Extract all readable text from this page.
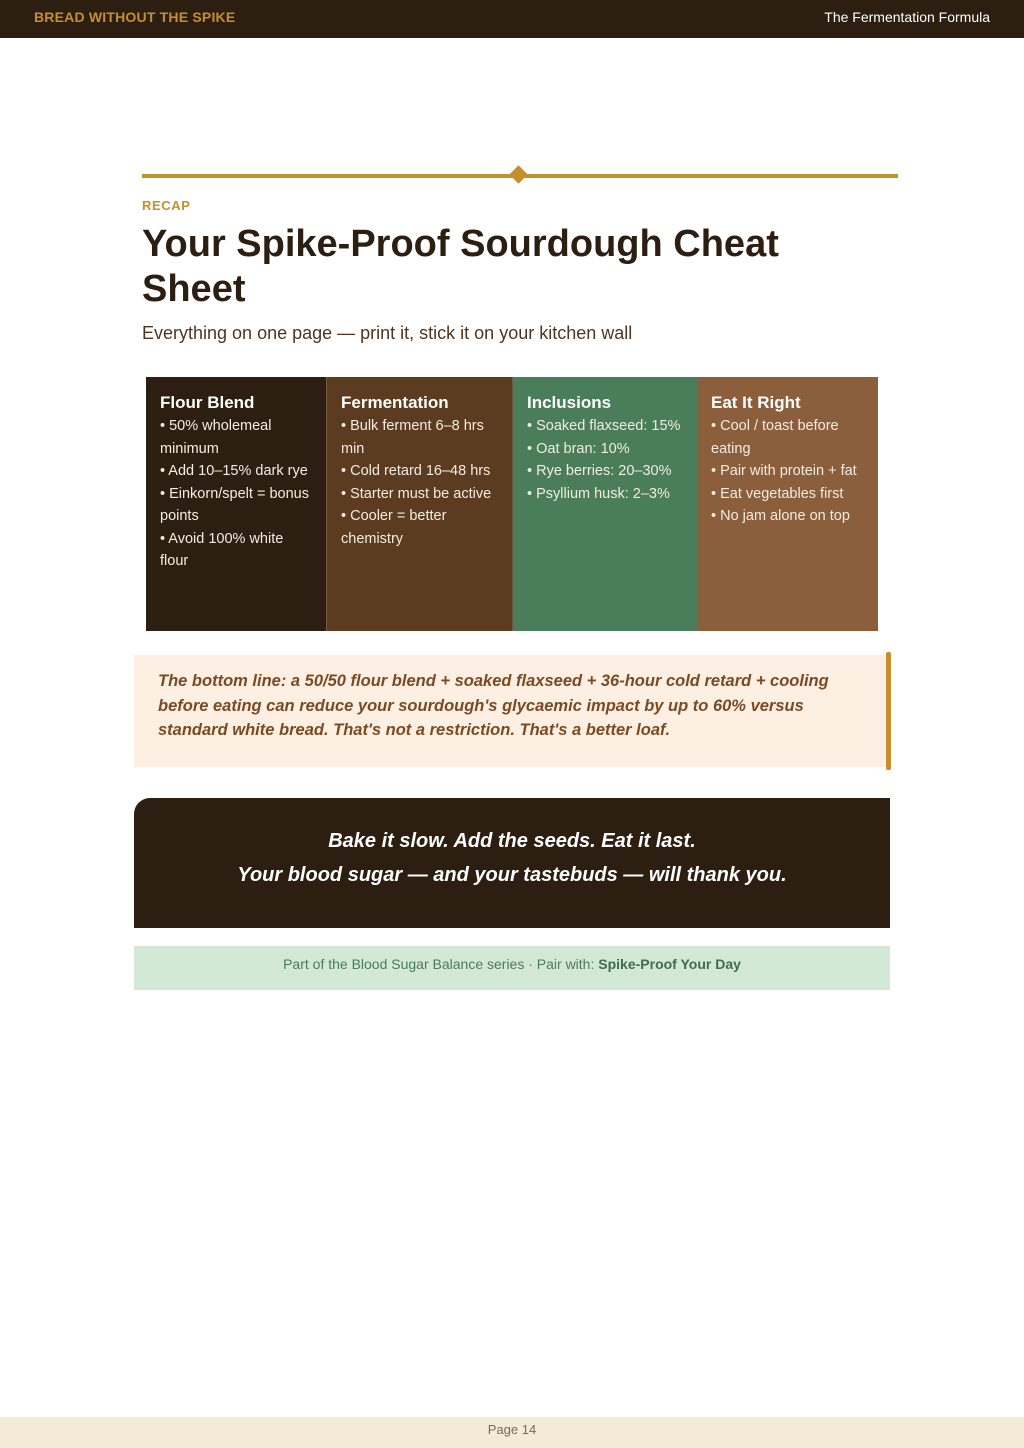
BREAD WITHOUT THE SPIKE	The Fermentation Formula
RECAP
Your Spike-Proof Sourdough Cheat Sheet
Everything on one page — print it, stick it on your kitchen wall
Flour Blend
• 50% wholemeal minimum
• Add 10–15% dark rye
• Einkorn/spelt = bonus points
• Avoid 100% white flour
Fermentation
• Bulk ferment 6–8 hrs min
• Cold retard 16–48 hrs
• Starter must be active
• Cooler = better chemistry
Inclusions
• Soaked flaxseed: 15%
• Oat bran: 10%
• Rye berries: 20–30%
• Psyllium husk: 2–3%
Eat It Right
• Cool / toast before eating
• Pair with protein + fat
• Eat vegetables first
• No jam alone on top

The bottom line: a 50/50 flour blend + soaked flaxseed + 36-hour cold retard + cooling before eating can reduce your sourdough's glycaemic impact by up to 60% versus standard white bread. That's not a restriction. That's a better loaf.

Bake it slow. Add the seeds. Eat it last.
Your blood sugar — and your tastebuds — will thank you.
Part of the Blood Sugar Balance series · Pair with: Spike-Proof Your Day
Page 14
